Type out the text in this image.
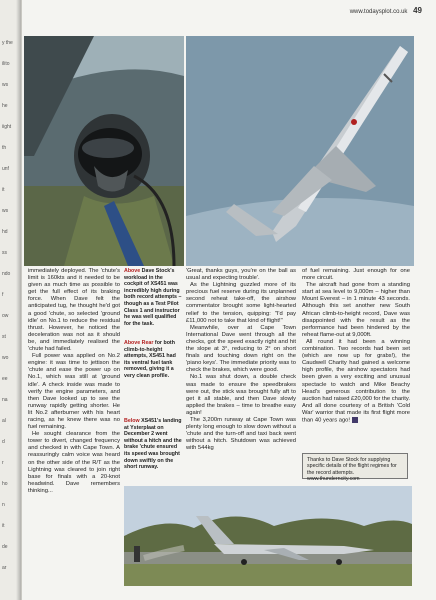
y the
ilito
ws
he
iight
th
unf
it
ws
hd
ss
ndo
f
ow
st
wo
ee
na
al
d
r
ho
n
it
de
ar
www.todaysplot.co.uk 49

immediately deployed. The 'chute's limit is 160kts and it needed to be given as much time as possible to get the full effect of its braking force. When Dave felt the anticipated tug, he thought he'd got a good 'chute, so selected 'ground idle' on No.1 to reduce the residual thrust. However, he noticed the deceleration was not as it should be, and immediately realised the 'chute had failed.

Full power was applied on No.2 engine: it was time to jettison the 'chute and ease the power up on No.1, which was still at 'ground idle'. A check inside was made to verify the engine parameters, and then Dave looked up to see the runway rapidly getting shorter. He lit No.2 afterburner with his heart racing, as he knew there was no fuel remaining.

He sought clearance from the tower to divert, changed frequency and checked in with Cape Town. A reassuringly calm voice was heard on the other side of the R/T as the Lightning was cleared to join right base for finals with a 20-knot headwind. Dave remembers thinking...

Above Dave Stock's workload in the cockpit of XS451 was incredibly high during both record attempts – though as a Test Pilot Class 1 and instructor he was well qualified for the task.
Above Rear for both climb-to-height attempts, XS451 had its ventral fuel tank removed, giving it a very clean profile.
Below XS451's landing at Ysterplaat on December 2 went without a hitch and the brake 'chute ensured its speed was brought down swiftly on the short runway.

'Great, thanks guys, you're on the ball as usual and expecting trouble'.

As the Lightning guzzled more of its precious fuel reserve during its unplanned second reheat take-off, the airshow commentator brought some light-hearted relief to the tension, quipping: "I'd pay £11,000 not to take that kind of flight!"

Meanwhile, over at Cape Town International Dave went through all the checks, got the speed exactly right and hit the slope at 3°, reducing to 2° on short finals and touching down right on the 'piano keys'. The immediate priority was to check the brakes, which were good.

No.1 was shut down, a double check was made to ensure the speedbrakes were out, the stick was brought fully aft to get it all stable, and then Dave slowly applied the brakes – time to breathe easy again!

The 3,200m runway at Cape Town was plenty long enough to slow down without a 'chute and the turn-off and taxi back went without a hitch. Shutdown was achieved with 544kg

of fuel remaining. Just enough for one more circuit.

The aircraft had gone from a standing start at sea level to 9,000m – higher than Mount Everest – in 1 minute 43 seconds. Although this set another new South African climb-to-height record, Dave was disappointed with the result as the performance had been hindered by the reheat flame-out at 9,000ft.

All round it had been a winning combination. Two records had been set (which are now up for grabs!), the Caudwell Charity had gained a welcome high profile, the airshow spectators had been given a very exciting and unusual spectacle to watch and Mike Beachy Head's generous contribution to the auction had raised £20,000 for the charity. And all done courtesy of a British 'Cold War' warrior that made its first flight more than 40 years ago!

Thanks to Dave Stock for supplying specific details of the flight regimes for the record attempts. www.thunderncity.com
